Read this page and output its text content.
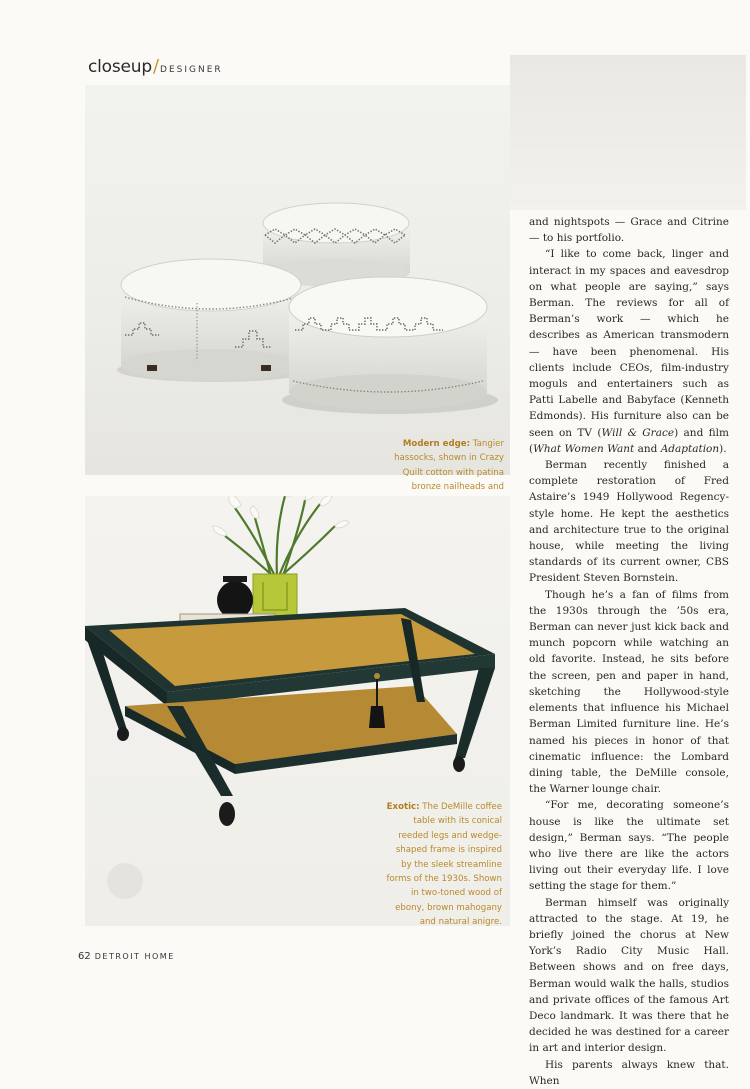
closeup/DESIGNER
Modern edge: Tangier hassocks, shown in Crazy Quilt cotton with patina bronze nailheads and
Exotic: The DeMille coffee table with its conical reeded legs and wedge-shaped frame is inspired by the sleek streamline forms of the 1930s. Shown in two-toned wood of ebony, brown mahogany and natural anigre.

and nightspots — Grace and Citrine — to his portfolio.

“I like to come back, linger and interact in my spaces and eavesdrop on what people are saying,” says Berman. The reviews for all of Berman’s work — which he describes as American transmodern — have been phenomenal. His clients include CEOs, film-industry moguls and entertainers such as Patti Labelle and Babyface (Kenneth Edmonds). His furniture also can be seen on TV (Will & Grace) and film (What Women Want and Adaptation).

Berman recently finished a complete restoration of Fred Astaire’s 1949 Hollywood Regency-style home. He kept the aesthetics and architecture true to the original house, while meeting the living standards of its current owner, CBS President Steven Bornstein.

Though he’s a fan of films from the 1930s through the ’50s era, Berman can never just kick back and munch popcorn while watching an old favorite. Instead, he sits before the screen, pen and paper in hand, sketching the Hollywood-style elements that influence his Michael Berman Limited furniture line. He’s named his pieces in honor of that cinematic influence: the Lombard dining table, the DeMille console, the Warner lounge chair.

“For me, decorating someone’s house is like the ultimate set design,” Berman says. “The people who live there are like the actors living out their everyday life. I love setting the stage for them.”

Berman himself was originally attracted to the stage. At 19, he briefly joined the chorus at New York’s Radio City Music Hall. Between shows and on free days, Berman would walk the halls, studios and private offices of the famous Art Deco landmark. It was there that he decided he was destined for a career in art and interior design.

His parents always knew that. When

62 DETROIT HOME
